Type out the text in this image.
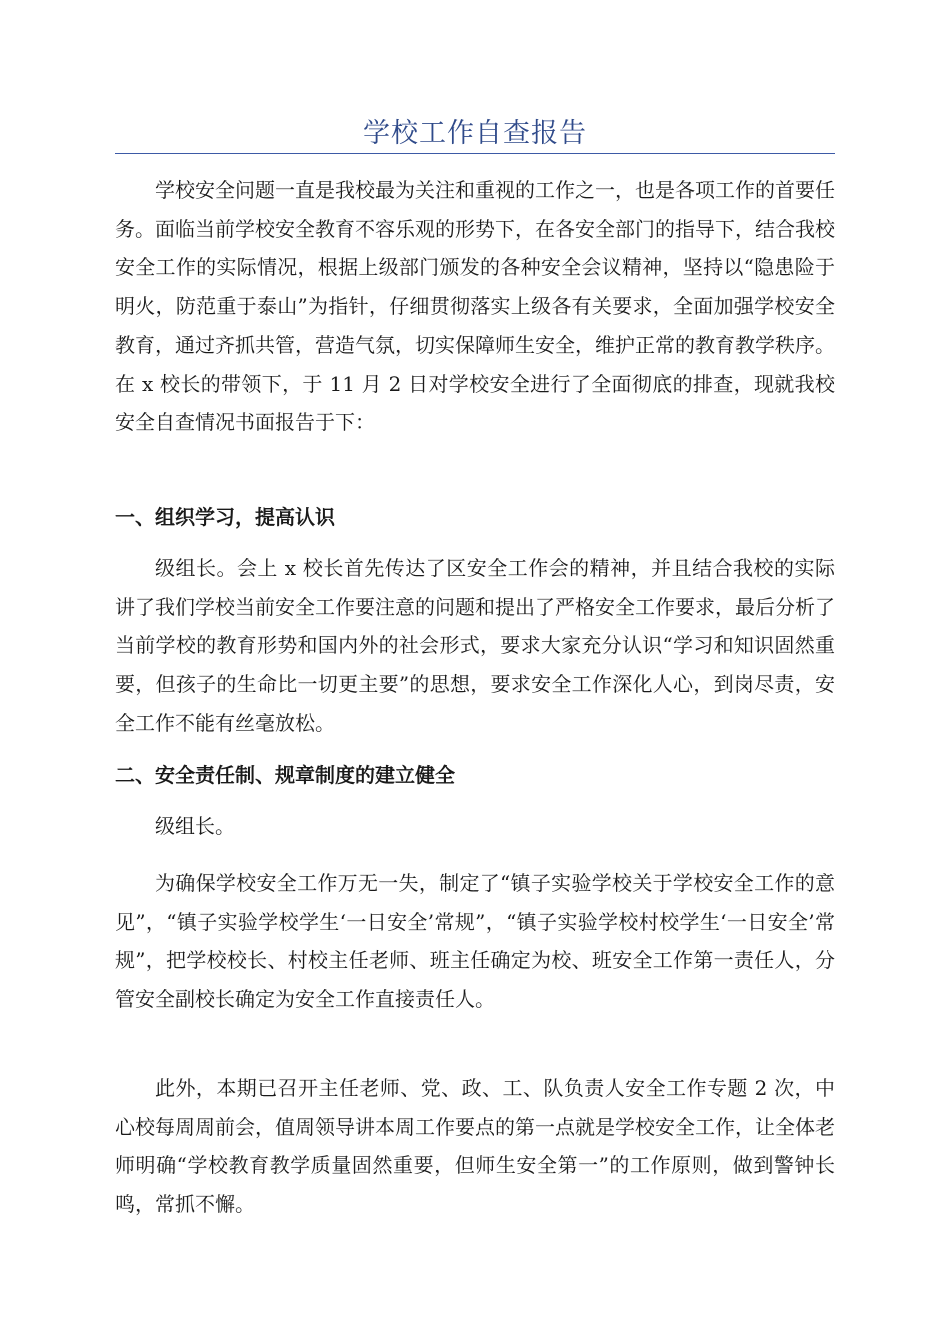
学校工作自查报告

学校安全问题一直是我校最为关注和重视的工作之一，也是各项工作的首要任务。面临当前学校安全教育不容乐观的形势下，在各安全部门的指导下，结合我校安全工作的实际情况，根据上级部门颁发的各种安全会议精神，坚持以“隐患险于明火，防范重于泰山”为指针，仔细贯彻落实上级各有关要求，全面加强学校安全教育，通过齐抓共管，营造气氛，切实保障师生安全，维护正常的教育教学秩序。在 x 校长的带领下，于 11 月 2 日对学校安全进行了全面彻底的排查，现就我校安全自查情况书面报告于下：

一、组织学习，提高认识

级组长。会上 x 校长首先传达了区安全工作会的精神，并且结合我校的实际讲了我们学校当前安全工作要注意的问题和提出了严格安全工作要求，最后分析了当前学校的教育形势和国内外的社会形式，要求大家充分认识“学习和知识固然重要，但孩子的生命比一切更主要”的思想，要求安全工作深化人心，到岗尽责，安全工作不能有丝毫放松。

二、安全责任制、规章制度的建立健全

级组长。

为确保学校安全工作万无一失，制定了“镇子实验学校关于学校安全工作的意见”，“镇子实验学校学生‘一日安全’常规”，“镇子实验学校村校学生‘一日安全’常规”，把学校校长、村校主任老师、班主任确定为校、班安全工作第一责任人，分管安全副校长确定为安全工作直接责任人。

此外，本期已召开主任老师、党、政、工、队负责人安全工作专题 2 次，中心校每周周前会，值周领导讲本周工作要点的第一点就是学校安全工作，让全体老师明确“学校教育教学质量固然重要，但师生安全第一”的工作原则，做到警钟长鸣，常抓不懈。
